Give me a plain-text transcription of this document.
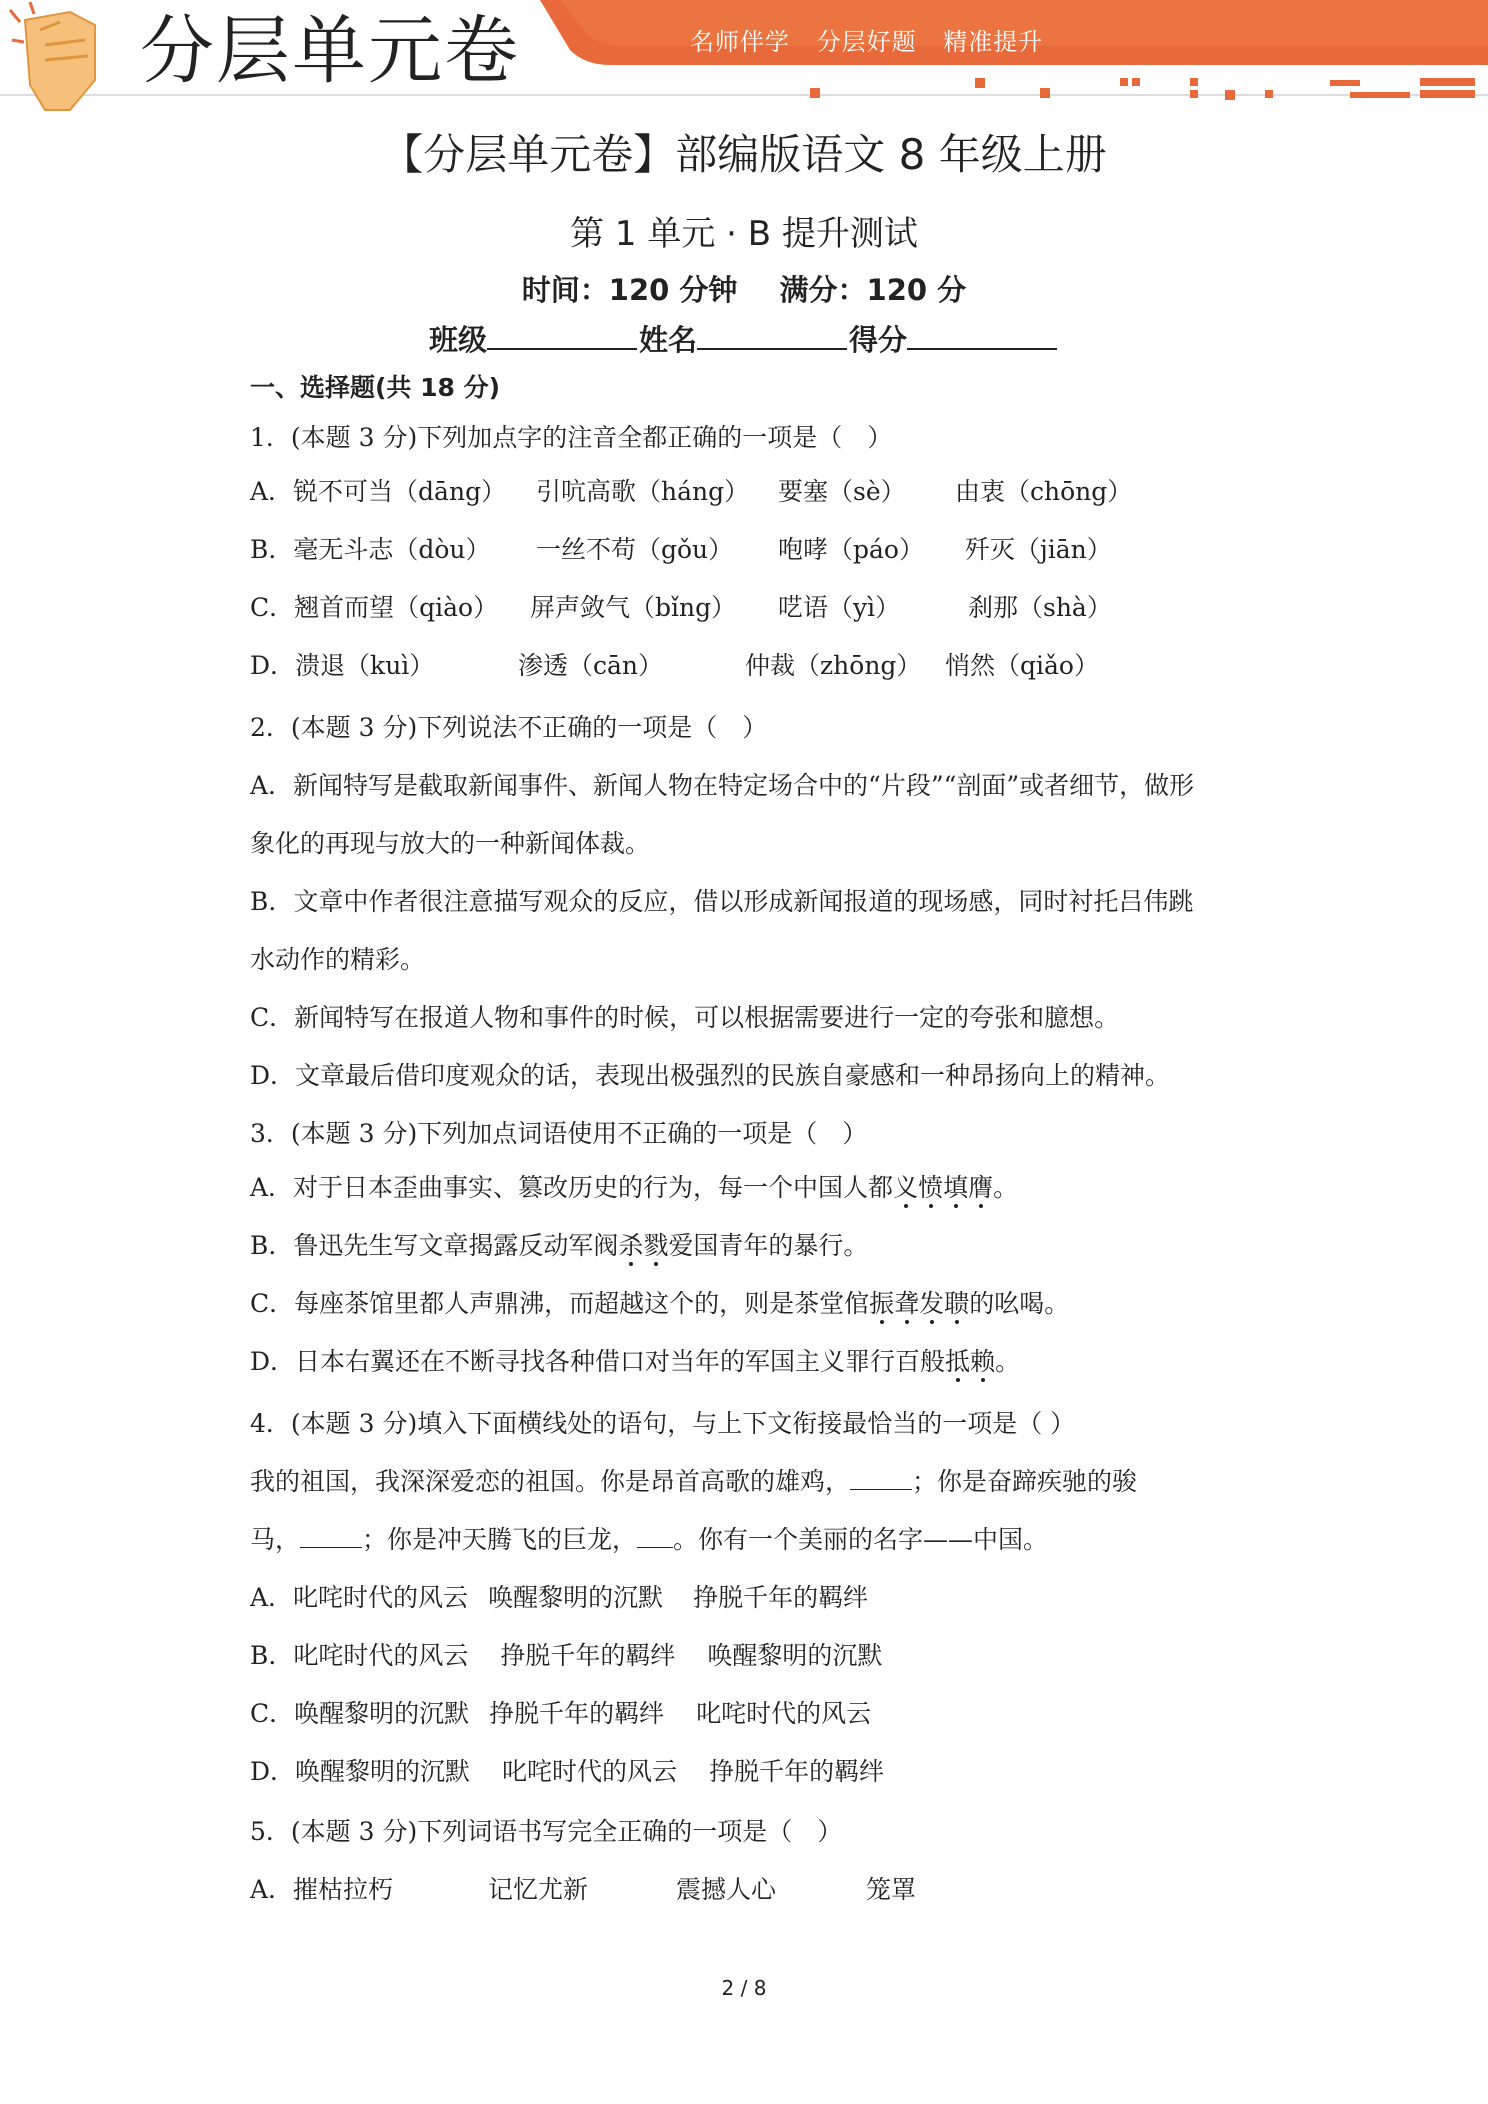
分层单元卷	名师伴学 分层好题 精准提升
【分层单元卷】部编版语文 8 年级上册
第 1 单元 · B 提升测试
时间：120 分钟 满分：120 分
班级	姓名	得分
一、选择题(共 18 分)
1．(本题 3 分)下列加点字的注音全都正确的一项是（　）
A．锐不可当（dāng） 引吭高歌（háng） 要塞（sè） 由衷（chōng）
B．毫无斗志（dòu） 一丝不苟（gǒu） 咆哮（páo） 歼灭（jiān）
C．翘首而望（qiào） 屏声敛气（bǐng） 呓语（yì）	刹那（shà）
D．溃退（kuì）	渗透（cān）	仲裁（zhōng） 悄然（qiǎo）
2．(本题 3 分)下列说法不正确的一项是（　）
A．新闻特写是截取新闻事件、新闻人物在特定场合中的“片段”“剖面”或者细节，做形
象化的再现与放大的一种新闻体裁。
B．文章中作者很注意描写观众的反应，借以形成新闻报道的现场感，同时衬托吕伟跳
水动作的精彩。
C．新闻特写在报道人物和事件的时候，可以根据需要进行一定的夸张和臆想。
D．文章最后借印度观众的话，表现出极强烈的民族自豪感和一种昂扬向上的精神。
3．(本题 3 分)下列加点词语使用不正确的一项是（　）
A．对于日本歪曲事实、篡改历史的行为，每一个中国人都义愤填膺。
B．鲁迅先生写文章揭露反动军阀杀戮爱国青年的暴行。
C．每座茶馆里都人声鼎沸，而超越这个的，则是茶堂倌振聋发聩的吆喝。
D．日本右翼还在不断寻找各种借口对当年的军国主义罪行百般抵赖。
4．(本题 3 分)填入下面横线处的语句，与上下文衔接最恰当的一项是（ ）
我的祖国，我深深爱恋的祖国。你是昂首高歌的雄鸡， ；你是奋蹄疾驰的骏
马， ；你是冲天腾飞的巨龙， 。你有一个美丽的名字——中国。
A．叱咤时代的风云 唤醒黎明的沉默 挣脱千年的羁绊
B．叱咤时代的风云 挣脱千年的羁绊 唤醒黎明的沉默
C．唤醒黎明的沉默 挣脱千年的羁绊 叱咤时代的风云
D．唤醒黎明的沉默 叱咤时代的风云 挣脱千年的羁绊
5．(本题 3 分)下列词语书写完全正确的一项是（　）
A．摧枯拉朽	记忆尤新	震撼人心	笼罩
2 / 8
